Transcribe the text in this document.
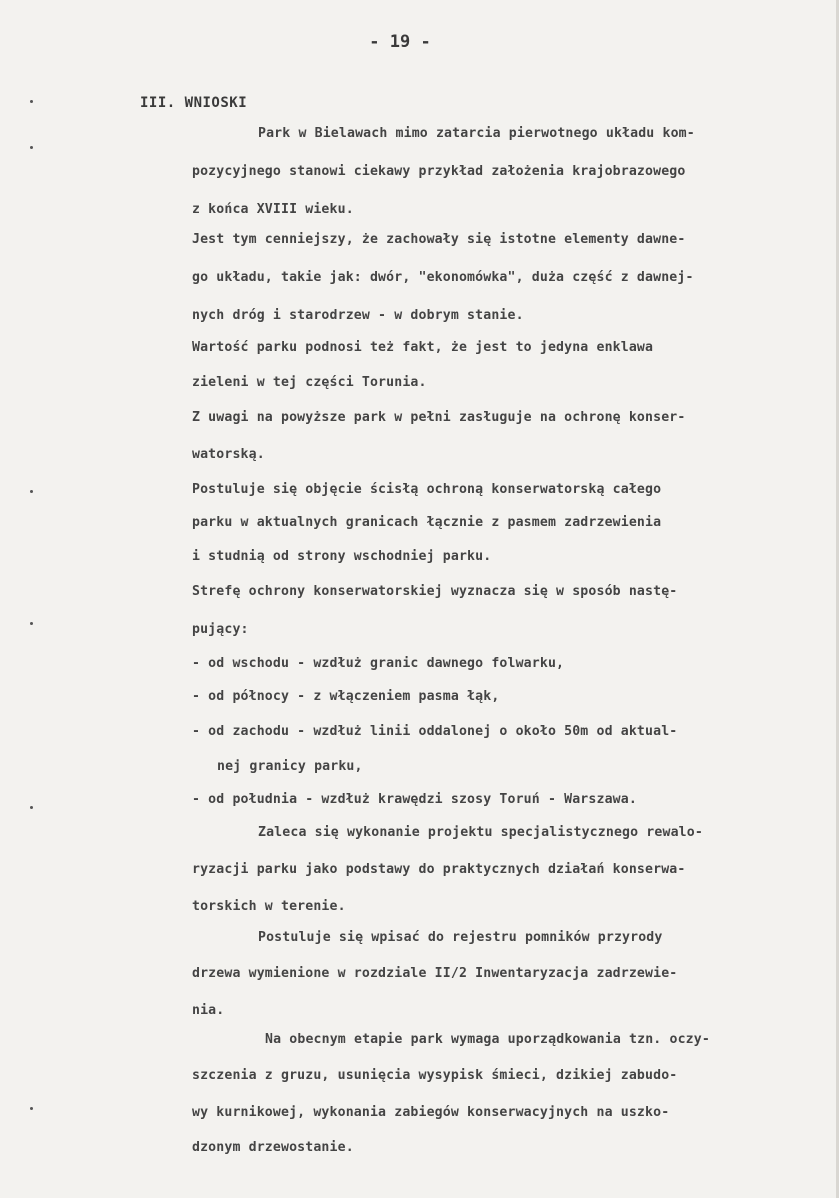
- 19 -
III. WNIOSKI
Park w Bielawach mimo zatarcia pierwotnego układu kom-
pozycyjnego stanowi ciekawy przykład założenia krajobrazowego
z końca XVIII wieku.
Jest tym cenniejszy, że zachowały się istotne elementy dawne-
go układu, takie jak: dwór, "ekonomówka", duża część z dawnej-
nych dróg i starodrzew - w dobrym stanie.
Wartość parku podnosi też fakt, że jest to jedyna enklawa
zieleni w tej części Torunia.
Z uwagi na powyższe park w pełni zasługuje na ochronę konser-
watorską.
Postuluje się objęcie ścisłą ochroną konserwatorską całego
parku w aktualnych granicach łącznie z pasmem zadrzewienia
i studnią od strony wschodniej parku.
Strefę ochrony konserwatorskiej wyznacza się w sposób nastę-
pujący:
- od wschodu - wzdłuż granic dawnego folwarku,
- od północy - z włączeniem pasma łąk,
- od zachodu - wzdłuż linii oddalonej o około 50m od aktual-
nej granicy parku,
- od południa - wzdłuż krawędzi szosy Toruń - Warszawa.
Zaleca się wykonanie projektu specjalistycznego rewalo-
ryzacji parku jako podstawy do praktycznych działań konserwa-
torskich w terenie.
Postuluje się wpisać do rejestru pomników przyrody
drzewa wymienione w rozdziale II/2 Inwentaryzacja zadrzewie-
nia.
Na obecnym etapie park wymaga uporządkowania tzn. oczy-
szczenia z gruzu, usunięcia wysypisk śmieci, dzikiej zabudo-
wy kurnikowej, wykonania zabiegów konserwacyjnych na uszko-
dzonym drzewostanie.
